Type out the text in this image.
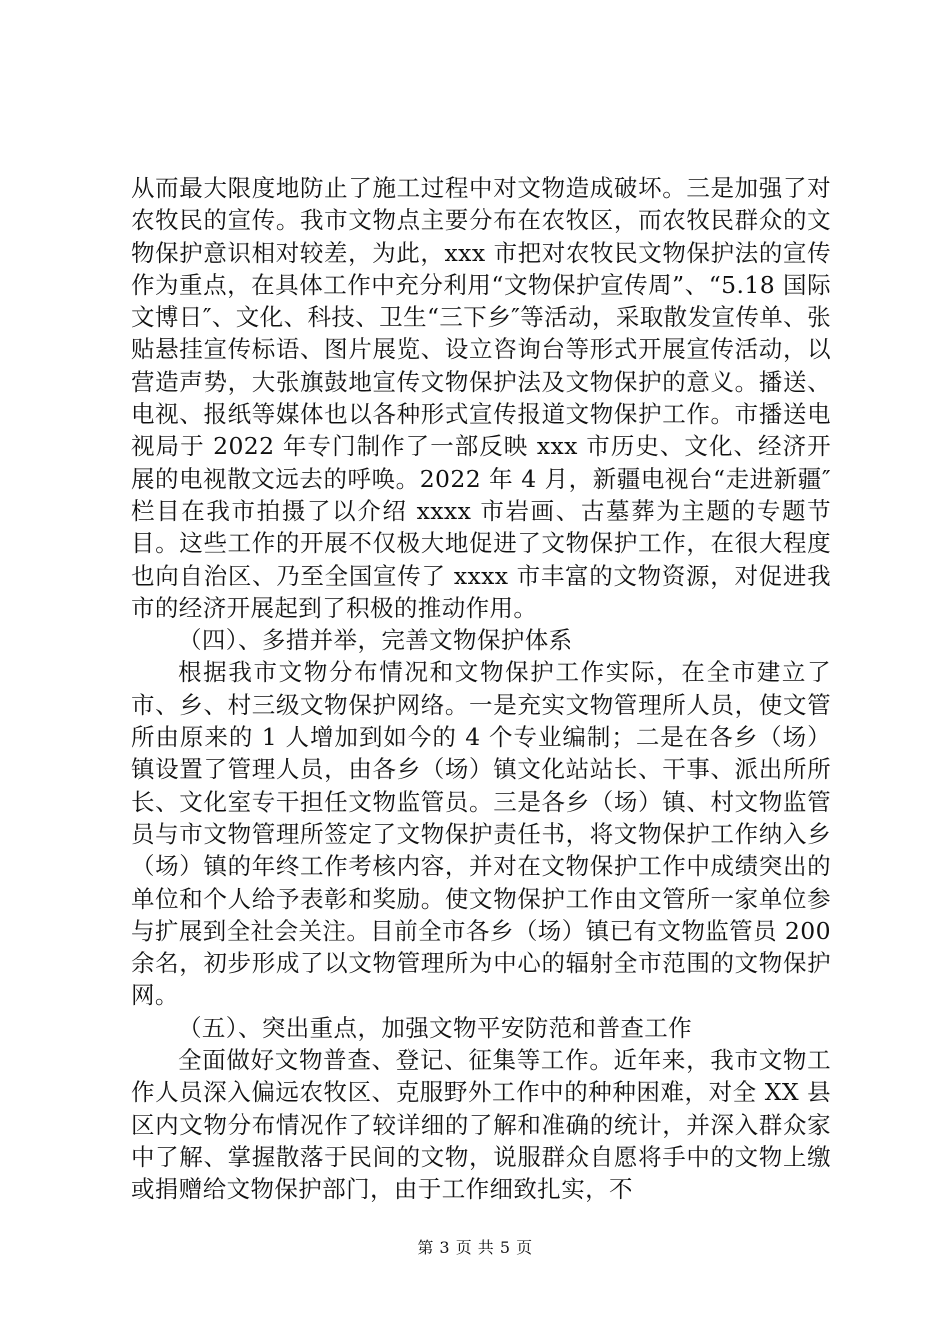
从而最大限度地防止了施工过程中对文物造成破坏。三是加强了对农牧民的宣传。我市文物点主要分布在农牧区，而农牧民群众的文物保护意识相对较差，为此，xxx 市把对农牧民文物保护法的宣传作为重点，在具体工作中充分利用“文物保护宣传周”、“5.18 国际文博日″、文化、科技、卫生“三下乡″等活动，采取散发宣传单、张贴悬挂宣传标语、图片展览、设立咨询台等形式开展宣传活动，以营造声势，大张旗鼓地宣传文物保护法及文物保护的意义。播送、电视、报纸等媒体也以各种形式宣传报道文物保护工作。市播送电视局于 2022 年专门制作了一部反映 xxx 市历史、文化、经济开展的电视散文远去的呼唤。2022 年 4 月，新疆电视台“走进新疆″栏目在我市拍摄了以介绍 xxxx 市岩画、古墓葬为主题的专题节目。这些工作的开展不仅极大地促进了文物保护工作，在很大程度也向自治区、乃至全国宣传了 xxxx 市丰富的文物资源，对促进我市的经济开展起到了积极的推动作用。

（四）、多措并举，完善文物保护体系

根据我市文物分布情况和文物保护工作实际，在全市建立了市、乡、村三级文物保护网络。一是充实文物管理所人员，使文管所由原来的 1 人增加到如今的 4 个专业编制；二是在各乡（场）镇设置了管理人员，由各乡（场）镇文化站站长、干事、派出所所长、文化室专干担任文物监管员。三是各乡（场）镇、村文物监管员与市文物管理所签定了文物保护责任书，将文物保护工作纳入乡（场）镇的年终工作考核内容，并对在文物保护工作中成绩突出的单位和个人给予表彰和奖励。使文物保护工作由文管所一家单位参与扩展到全社会关注。目前全市各乡（场）镇已有文物监管员 200 余名，初步形成了以文物管理所为中心的辐射全市范围的文物保护网。

（五）、突出重点，加强文物平安防范和普查工作

全面做好文物普查、登记、征集等工作。近年来，我市文物工作人员深入偏远农牧区、克服野外工作中的种种困难，对全 XX 县区内文物分布情况作了较详细的了解和准确的统计，并深入群众家中了解、掌握散落于民间的文物，说服群众自愿将手中的文物上缴或捐赠给文物保护部门，由于工作细致扎实，不

第 3 页 共 5 页
